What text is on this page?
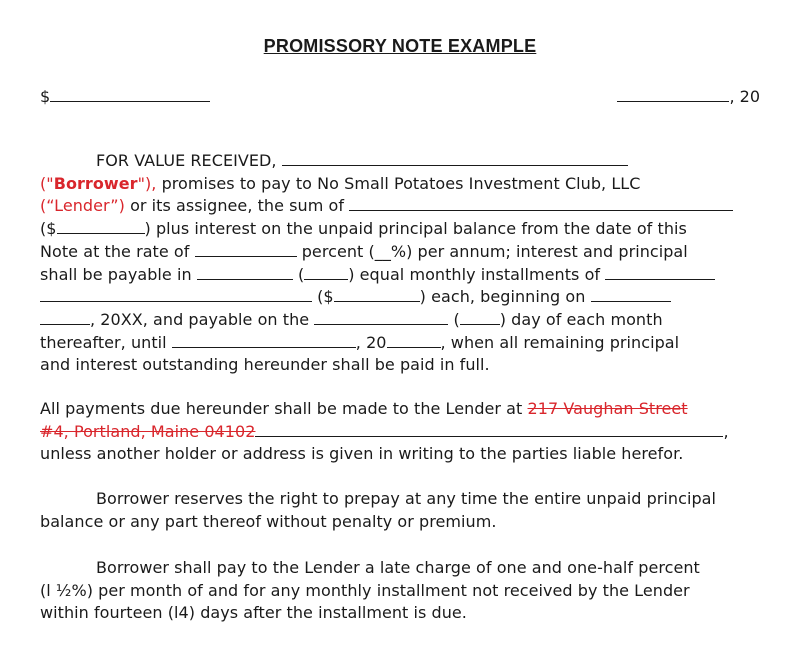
PROMISSORY NOTE EXAMPLE
$	, 20
FOR VALUE RECEIVED,
("Borrower"), promises to pay to No Small Potatoes Investment Club, LLC
(“Lender”) or its assignee, the sum of
($	) plus interest on the unpaid principal balance from the date of this
Note at the rate of	percent (__%) per annum; interest and principal
shall be payable in	(	) equal monthly installments of
($	) each, beginning on
, 20XX, and payable on the	(	) day of each month
thereafter, until	, 20	, when all remaining principal
and interest outstanding hereunder shall be paid in full.
All payments due hereunder shall be made to the Lender at 217 Vaughan Street
#4, Portland, Maine 04102	,
unless another holder or address is given in writing to the parties liable herefor.
Borrower reserves the right to prepay at any time the entire unpaid principal
balance or any part thereof without penalty or premium.
Borrower shall pay to the Lender a late charge of one and one-half percent
(l ½%) per month of and for any monthly installment not received by the Lender
within fourteen (l4) days after the installment is due.
